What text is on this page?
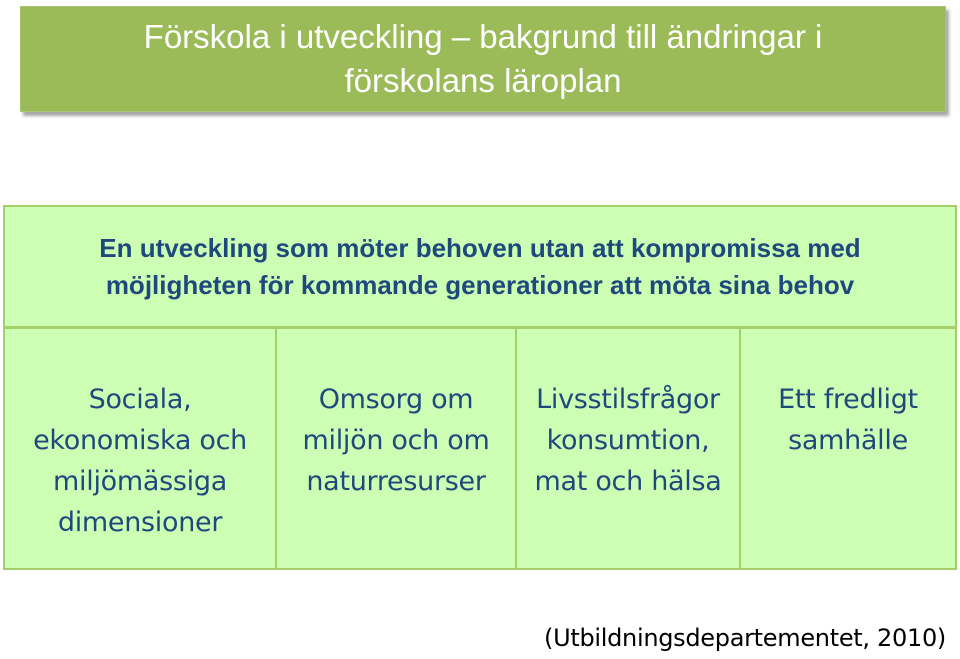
Förskola i utveckling – bakgrund till ändringar i förskolans läroplan
En utveckling som möter behoven utan att kompromissa med möjligheten för kommande generationer att möta sina behov
Sociala, ekonomiska och miljömässiga dimensioner
Omsorg om miljön och om naturresurser
Livsstilsfrågor konsumtion, mat och hälsa
Ett fredligt samhälle
(Utbildningsdepartementet, 2010)
